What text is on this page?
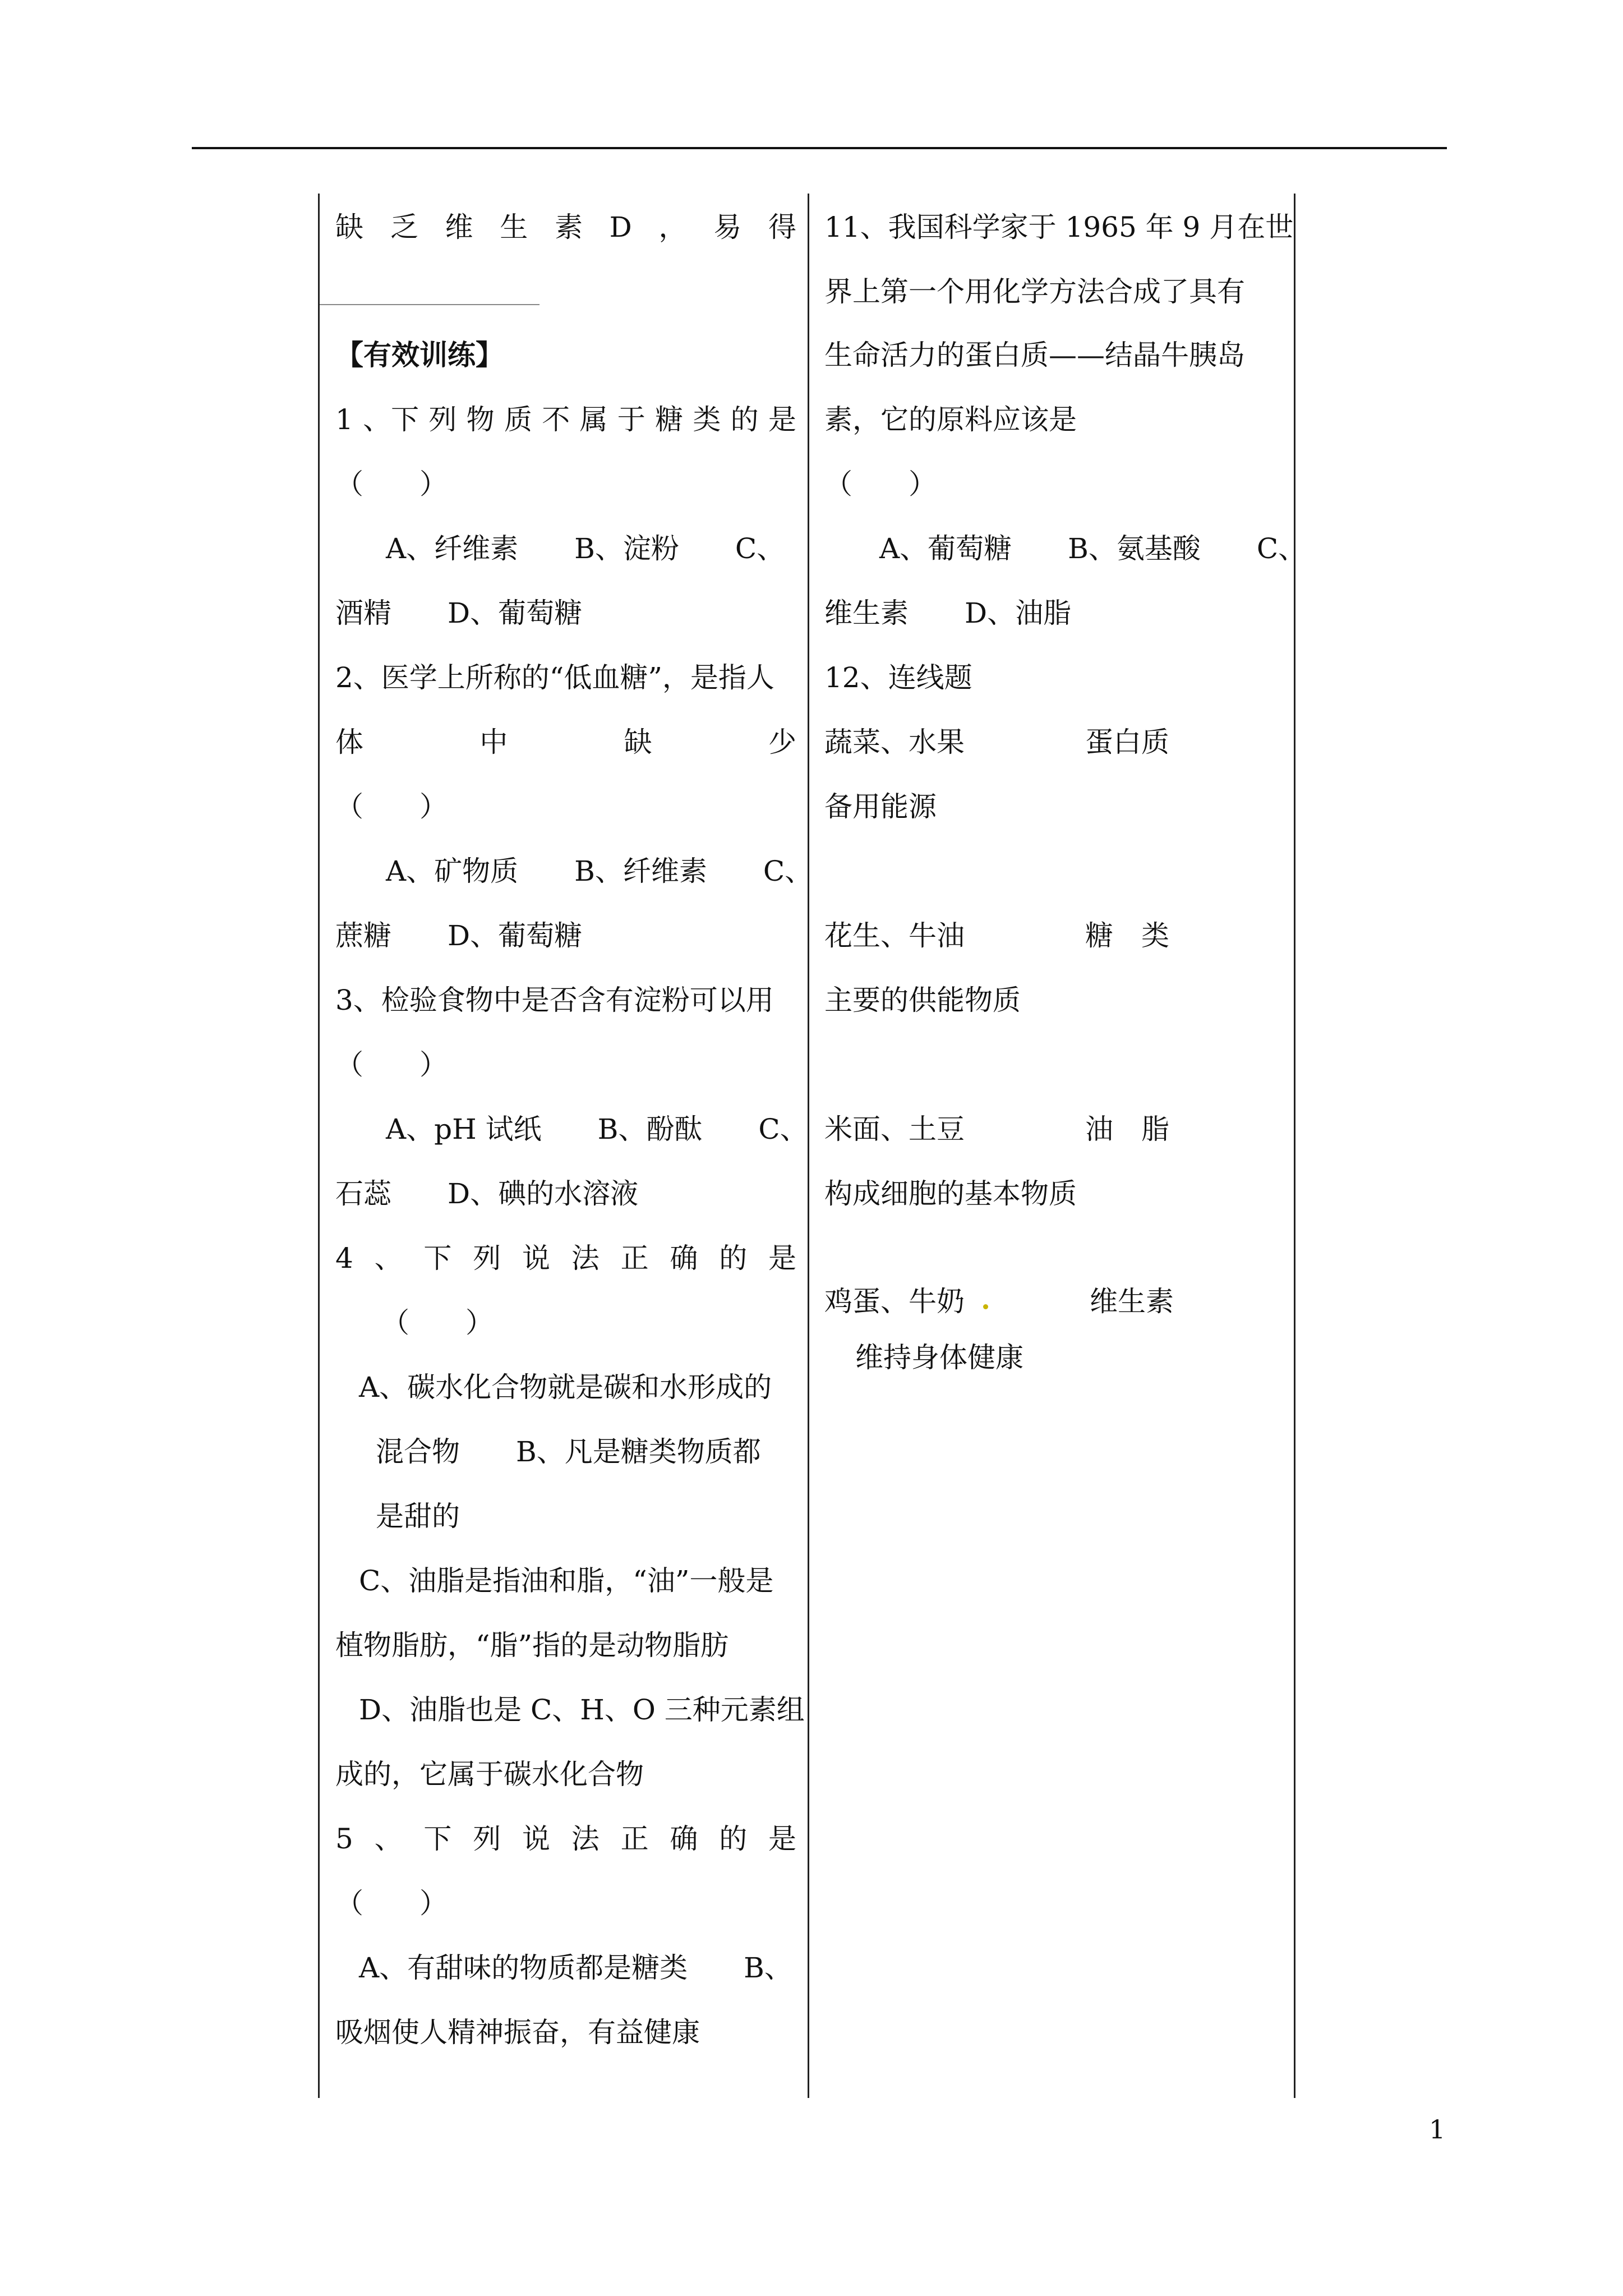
缺 乏 维 生 素 D ， 易 得
【有效训练】
1 、下 列 物 质 不 属 于 糖 类 的 是
（　　）
A、纤维素　　B、淀粉　　C、
酒精　　D、葡萄糖
2、医学上所称的“低血糖”，是指人
体	中	缺	少
（　　）
A、矿物质　　B、纤维素　　C、
蔗糖　　D、葡萄糖
3、检验食物中是否含有淀粉可以用
（　　）
A、pH 试纸　　B、酚酞　　C、
石蕊　　D、碘的水溶液
4 、 下 列 说 法 正 确 的 是
（　　）
A、碳水化合物就是碳和水形成的
混合物　　B、凡是糖类物质都
是甜的
C、油脂是指油和脂，“油”一般是
植物脂肪，“脂”指的是动物脂肪
D、油脂也是 C、H、O 三种元素组
成的，它属于碳水化合物
5 、 下 列 说 法 正 确 的 是
（　　）
A、有甜味的物质都是糖类　　B、
吸烟使人精神振奋，有益健康
11、我国科学家于 1965 年 9 月在世
界上第一个用化学方法合成了具有
生命活力的蛋白质——结晶牛胰岛
素，它的原料应该是
（　　）
A、葡萄糖　　B、氨基酸　　C、
维生素　　D、油脂
12、连线题
蔬菜、水果	蛋白质
备用能源
花生、牛油	糖　类
主要的供能物质
米面、土豆	油　脂
构成细胞的基本物质
鸡蛋、牛奶	维生素
维持身体健康
1
